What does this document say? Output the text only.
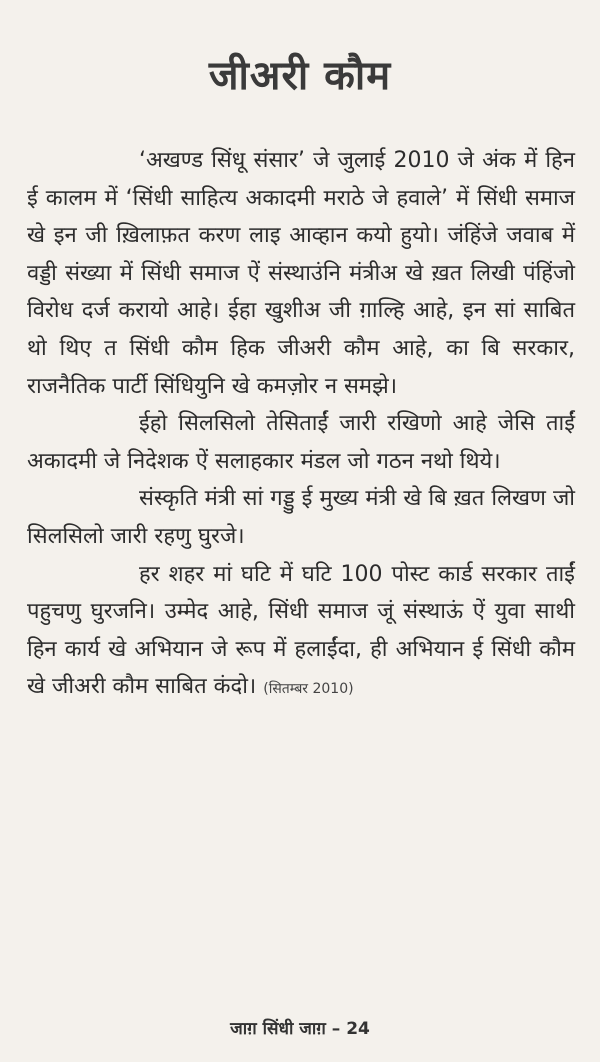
जीअरी कौम

‘अखण्ड सिंधू संसार’ जे जुलाई 2010 जे अंक में हिन ई कालम में ‘सिंधी साहित्य अकादमी मराठे जे हवाले’ में सिंधी समाज खे इन जी ख़िलाफ़त करण लाइ आव्हान कयो हुयो। जंहिंजे जवाब में वड्डी संख्या में सिंधी समाज ऐं संस्थाउंनि मंत्रीअ खे ख़त लिखी पंहिंजो विरोध दर्ज करायो आहे। ईहा खुशीअ जी ग़ाल्हि आहे, इन सां साबित थो थिए त सिंधी कौम हिक जीअरी कौम आहे, का बि सरकार, राजनैतिक पार्टी सिंधियुनि खे कमज़ोर न समझे।

ईहो सिलसिलो तेसिताईं जारी रखिणो आहे जेसि ताईं अकादमी जे निदेशक ऐं सलाहकार मंडल जो गठन नथो थिये।

संस्कृति मंत्री सां गड्डु ई मुख्य मंत्री खे बि ख़त लिखण जो सिलसिलो जारी रहणु घुरजे।

हर शहर मां घटि में घटि 100 पोस्ट कार्ड सरकार ताईं पहुचणु घुरजनि। उम्मेद आहे, सिंधी समाज जूं संस्थाऊं ऐं युवा साथी हिन कार्य खे अभियान जे रूप में हलाईंदा, ही अभियान ई सिंधी कौम खे जीअरी कौम साबित कंदो। (सितम्बर 2010)

जाग़ सिंधी जाग़ – 24
